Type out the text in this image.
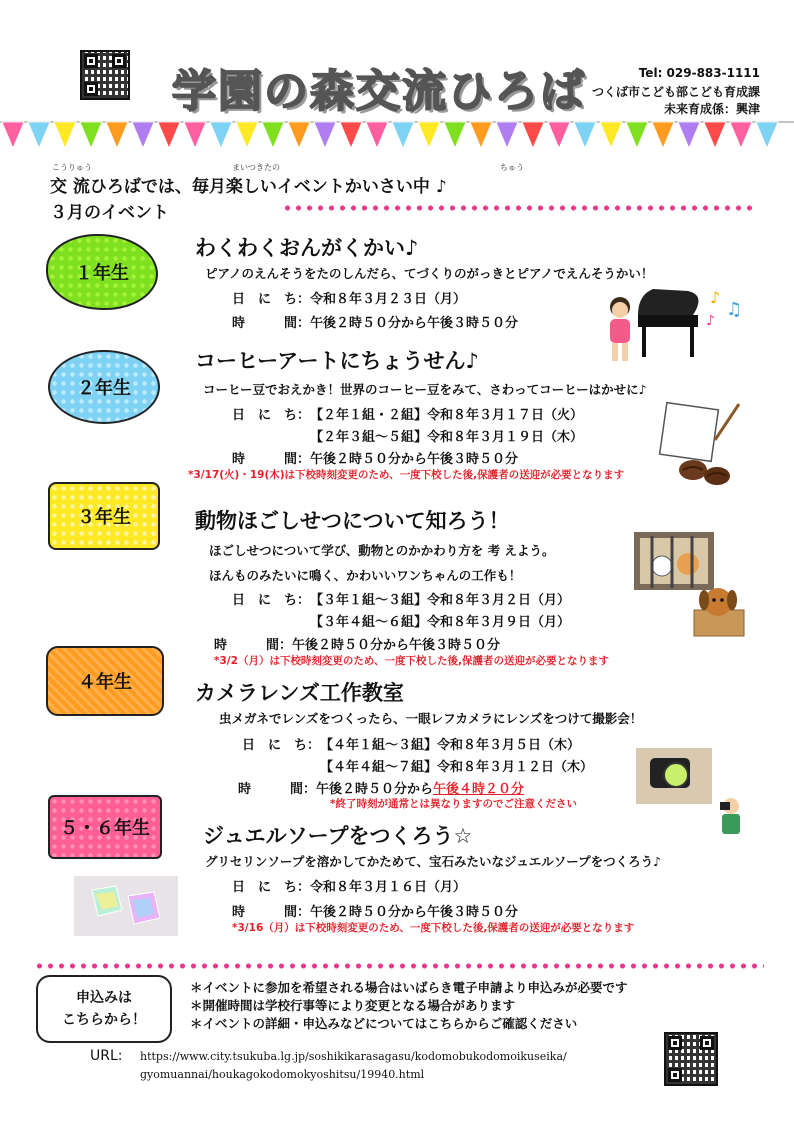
学園の森交流ひろば	Tel: 029-883-1111
つくば市こども部こども育成課
未来育成係：興津
こうりゅう	まいつきたの	ちゅう
交 流ひろばでは、毎月楽しいイベントかいさい中 ♪
３月のイベント
１年生
わくわくおんがくかい♪
ピアノのえんそうをたのしんだら、てづくりのがっきとピアノでえんそうかい！
日　に　ち：令和８年３月２３日（月）
時　　　間：午後２時５０分から午後３時５０分
♪
♫
♪
２年生
コーヒーアートにちょうせん♪
コーヒー豆でおえかき！世界のコーヒー豆をみて、さわってコーヒーはかせに♪
日　に　ち：【２年１組・２組】令和８年３月１７日（火）
【２年３組～５組】令和８年３月１９日（木）
時　　　間：午後２時５０分から午後３時５０分
*3/17(火)・19(木)は下校時刻変更のため、一度下校した後,保護者の送迎が必要となります
３年生	動物ほごしせつについて知ろう！
ほごしせつについて学び、動物とのかかわり方を 考 えよう。
ほんものみたいに鳴く、かわいいワンちゃんの工作も！
日　に　ち：【３年１組～３組】令和８年３月２日（月）
【３年４組～６組】令和８年３月９日（月）
時　　　間：午後２時５０分から午後３時５０分
*3/2（月）は下校時刻変更のため、一度下校した後,保護者の送迎が必要となります
４年生	カメラレンズ工作教室
虫メガネでレンズをつくったら、一眼レフカメラにレンズをつけて撮影会！
日　に　ち：【４年１組～３組】令和８年３月５日（木）
【４年４組～７組】令和８年３月１２日（木）
時　　　間：午後２時５０分から午後４時２０分
*終了時刻が通常とは異なりますのでご注意ください
５・６年生	ジュエルソープをつくろう☆
グリセリンソープを溶かしてかためて、宝石みたいなジュエルソープをつくろう♪
日　に　ち：令和８年３月１６日（月）
時　　　間：午後２時５０分から午後３時５０分
*3/16（月）は下校時刻変更のため、一度下校した後,保護者の送迎が必要となります
申込みは
こちらから！
＊イベントに参加を希望される場合はいばらき電子申請より申込みが必要です
＊開催時間は学校行事等により変更となる場合があります
＊イベントの詳細・申込みなどについてはこちらからご確認ください
URL: https://www.city.tsukuba.lg.jp/soshikikarasagasu/kodomobukodomoikuseika/
gyomuannai/houkagokodomokyoshitsu/19940.html
